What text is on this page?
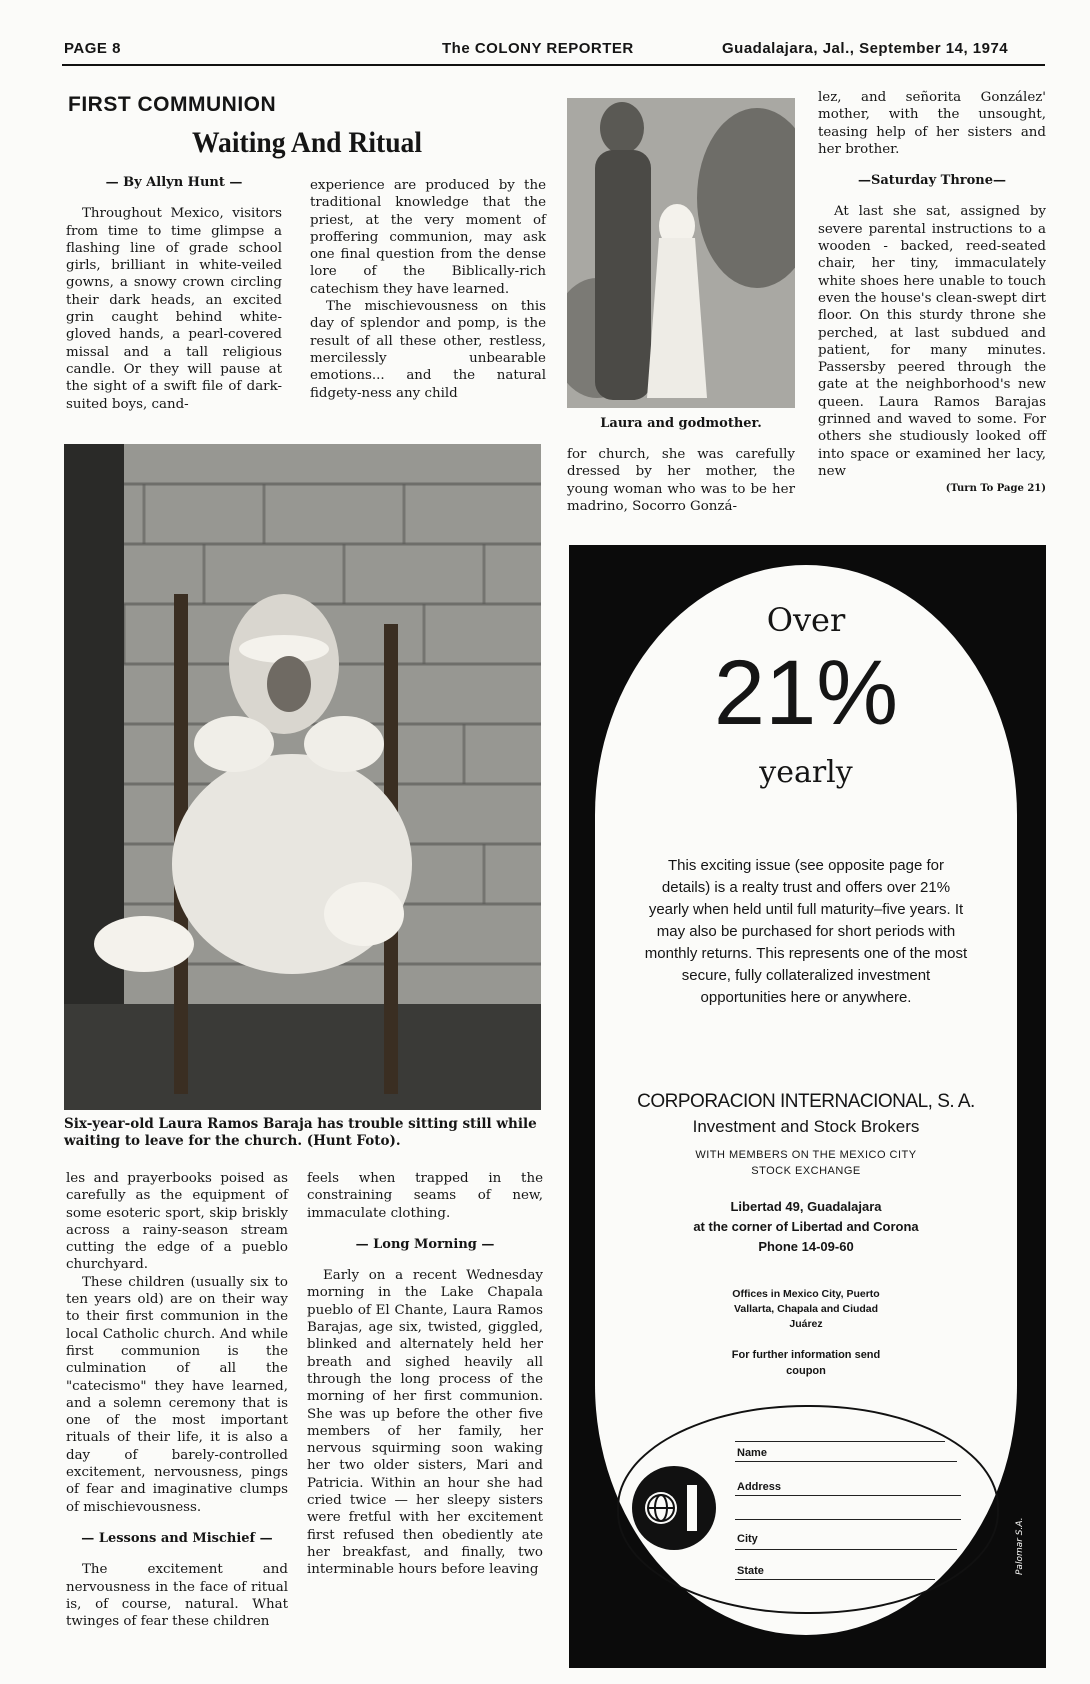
PAGE 8	The COLONY REPORTER	Guadalajara, Jal., September 14, 1974
FIRST COMMUNION
Waiting And Ritual

— By Allyn Hunt —

Throughout Mexico, visitors from time to time glimpse a flashing line of grade school girls, brilliant in white-veiled gowns, a snowy crown circling their dark heads, an excited grin caught behind white-gloved hands, a pearl-covered missal and a tall religious candle. Or they will pause at the sight of a swift file of dark-suited boys, cand-

experience are produced by the traditional knowledge that the priest, at the very moment of proffering communion, may ask one final question from the dense lore of the Biblically-rich catechism they have learned.

The mischievousness on this day of splendor and pomp, is the result of all these other, restless, mercilessly unbearable emotions... and the natural fidgety-ness any child

Six-year-old Laura Ramos Baraja has trouble sitting still while waiting to leave for the church. (Hunt Foto).

les and prayerbooks poised as carefully as the equipment of some esoteric sport, skip briskly across a rainy-season stream cutting the edge of a pueblo churchyard.

These children (usually six to ten years old) are on their way to their first communion in the local Catholic church. And while first communion is the culmination of all the "catecismo" they have learned, and a solemn ceremony that is one of the most important rituals of their life, it is also a day of barely-controlled excitement, nervousness, pings of fear and imaginative clumps of mischievousness.

— Lessons and Mischief —

The excitement and nervousness in the face of ritual is, of course, natural. What twinges of fear these children

feels when trapped in the constraining seams of new, immaculate clothing.

— Long Morning —

Early on a recent Wednesday morning in the Lake Chapala pueblo of El Chante, Laura Ramos Barajas, age six, twisted, giggled, blinked and alternately held her breath and sighed heavily all through the long process of the morning of her first communion. She was up before the other five members of her family, her nervous squirming soon waking her two older sisters, Mari and Patricia. Within an hour she had cried twice — her sleepy sisters were fretful with her excitement first refused then obediently ate her breakfast, and finally, two interminable hours before leaving

Laura and godmother.

for church, she was carefully dressed by her mother, the young woman who was to be her madrino, Socorro Gonzá-

lez, and señorita González' mother, with the unsought, teasing help of her sisters and her brother.

—Saturday Throne—

At last she sat, assigned by severe parental instructions to a wooden - backed, reed-seated chair, her tiny, immaculately white shoes here unable to touch even the house's clean-swept dirt floor. On this sturdy throne she perched, at last subdued and patient, for many minutes. Passersby peered through the gate at the neighborhood's new queen. Laura Ramos Barajas grinned and waved to some. For others she studiously looked off into space or examined her lacy, new

(Turn To Page 21)

Over
21%
yearly
This exciting issue (see opposite page for details) is a realty trust and offers over 21% yearly when held until full maturity–five years. It may also be purchased for short periods with monthly returns. This represents one of the most secure, fully collateralized investment opportunities here or anywhere.
CORPORACION INTERNACIONAL, S. A.
Investment and Stock Brokers
WITH MEMBERS ON THE MEXICO CITY STOCK EXCHANGE
Libertad 49, Guadalajara
at the corner of Libertad and Corona
Phone 14-09-60
Offices in Mexico City, Puerto Vallarta, Chapala and Ciudad Juárez
For further information send coupon
Name
Address
City
State	Palomar S.A.
